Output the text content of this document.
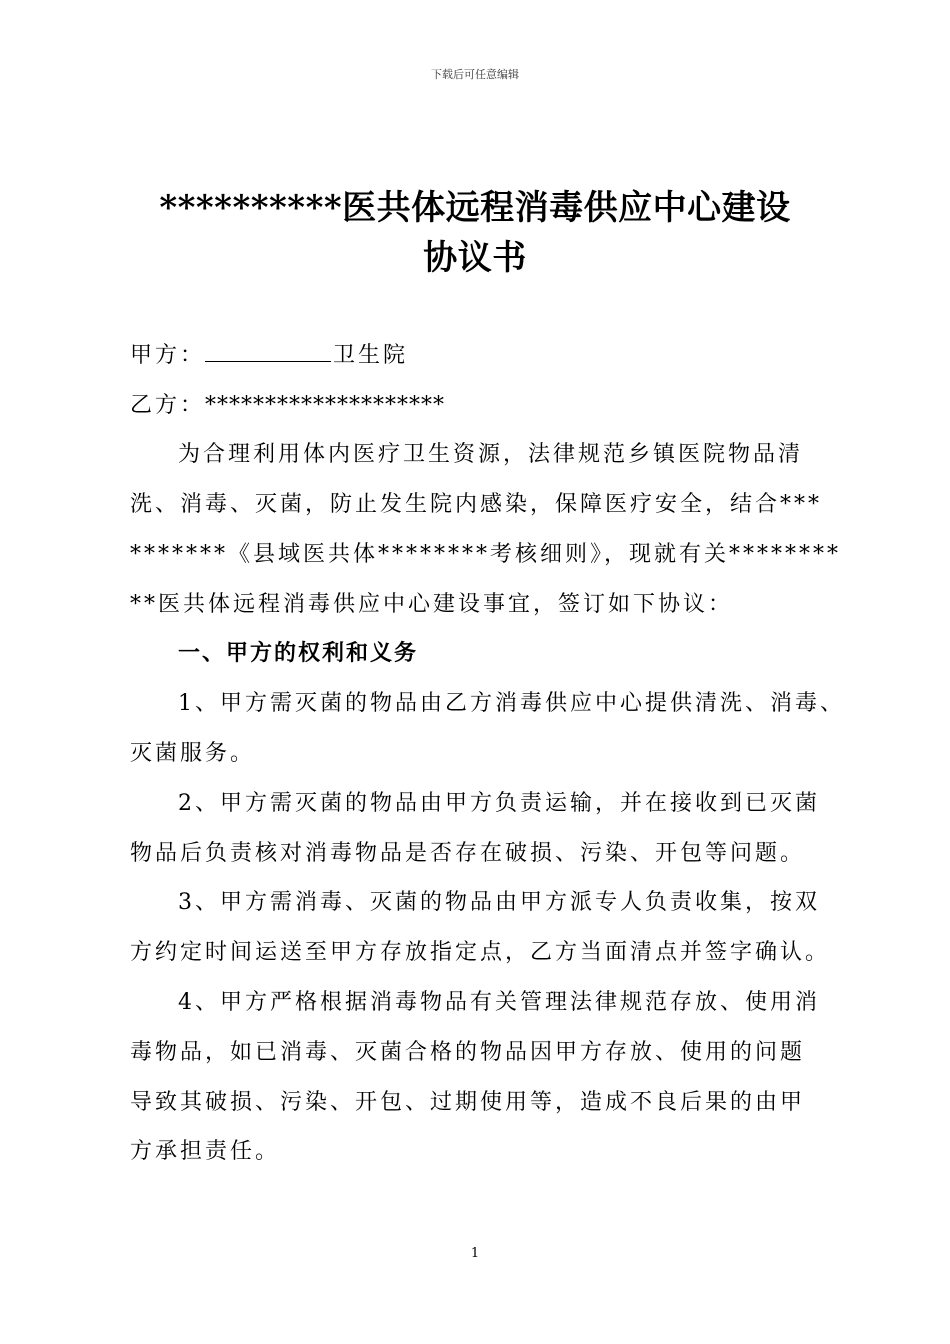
下载后可任意编辑
**********医共体远程消毒供应中心建设
协议书
甲方：	卫生院
乙方：********************
为合理利用体内医疗卫生资源，法律规范乡镇医院物品清
洗、消毒、灭菌，防止发生院内感染，保障医疗安全，结合***
*******《县域医共体********考核细则》，现就有关********
**医共体远程消毒供应中心建设事宜，签订如下协议：
一、甲方的权利和义务
1、甲方需灭菌的物品由乙方消毒供应中心提供清洗、消毒、
灭菌服务。
2、甲方需灭菌的物品由甲方负责运输，并在接收到已灭菌
物品后负责核对消毒物品是否存在破损、污染、开包等问题。
3、甲方需消毒、灭菌的物品由甲方派专人负责收集，按双
方约定时间运送至甲方存放指定点，乙方当面清点并签字确认。
4、甲方严格根据消毒物品有关管理法律规范存放、使用消
毒物品，如已消毒、灭菌合格的物品因甲方存放、使用的问题
导致其破损、污染、开包、过期使用等，造成不良后果的由甲
方承担责任。
1
